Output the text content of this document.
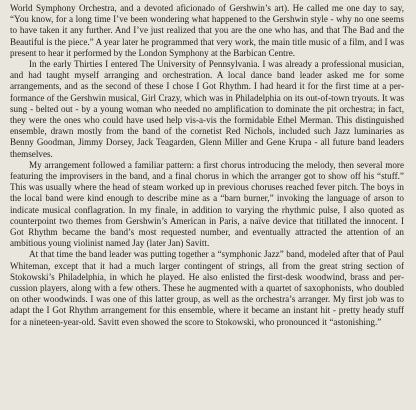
World Symphony Orchestra, and a devoted aficionado of Gershwin’s art). He called me one day to say, “You know, for a long time I’ve been wondering what happened to the Gershwin style - why no one seems to have taken it any further. And I’ve just realized that you are the one who has, and that The Bad and the Beautiful is the piece.” A year later he programmed that very work, the main title music of a film, and I was present to hear it performed by the London Symphony at the Barbican Centre.

In the early Thirties I entered The University of Pennsylvania. I was already a professional musician, and had taught myself arranging and orchestration. A local dance band leader asked me for some arrangements, and as the second of these I chose I Got Rhythm. I had heard it for the first time at a performance of the Gershwin musical, Girl Crazy, which was in Philadelphia on its out-of-town tryouts. It was sung - belted out - by a young woman who needed no amplification to dominate the pit orchestra; in fact, they were the ones who could have used help vis-a-vis the formidable Ethel Merman. This distinguished ensemble, drawn mostly from the band of the cornetist Red Nichols, included such Jazz luminaries as Benny Goodman, Jimmy Dorsey, Jack Teagarden, Glenn Miller and Gene Krupa - all future band leaders themselves.

My arrangement followed a familiar pattern: a first chorus introducing the melody, then several more featuring the improvisers in the band, and a final chorus in which the arranger got to show off his “stuff.” This was usually where the head of steam worked up in previous choruses reached fever pitch. The boys in the local band were kind enough to describe mine as a “barn burner,” invoking the language of arson to indicate musical conflagration. In my finale, in addition to varying the rhythmic pulse, I also quoted as counterpoint two themes from Gershwin’s American in Paris, a naïve device that titillated the innocent. I Got Rhythm became the band’s most requested number, and eventually attracted the attention of an ambitious young violinist named Jay (later Jan) Savitt.

At that time the band leader was putting together a “symphonic Jazz” band, modeled after that of Paul Whiteman, except that it had a much larger contingent of strings, all from the great string section of Stokowski’s Philadelphia, in which he played. He also enlisted the first-desk woodwind, brass and percussion players, along with a few others. These he augmented with a quartet of saxophonists, who doubled on other woodwinds. I was one of this latter group, as well as the orchestra’s arranger. My first job was to adapt the I Got Rhythm arrangement for this ensemble, where it became an instant hit - pretty heady stuff for a nineteen-year-old. Savitt even showed the score to Stokowski, who pronounced it “astonishing.”
